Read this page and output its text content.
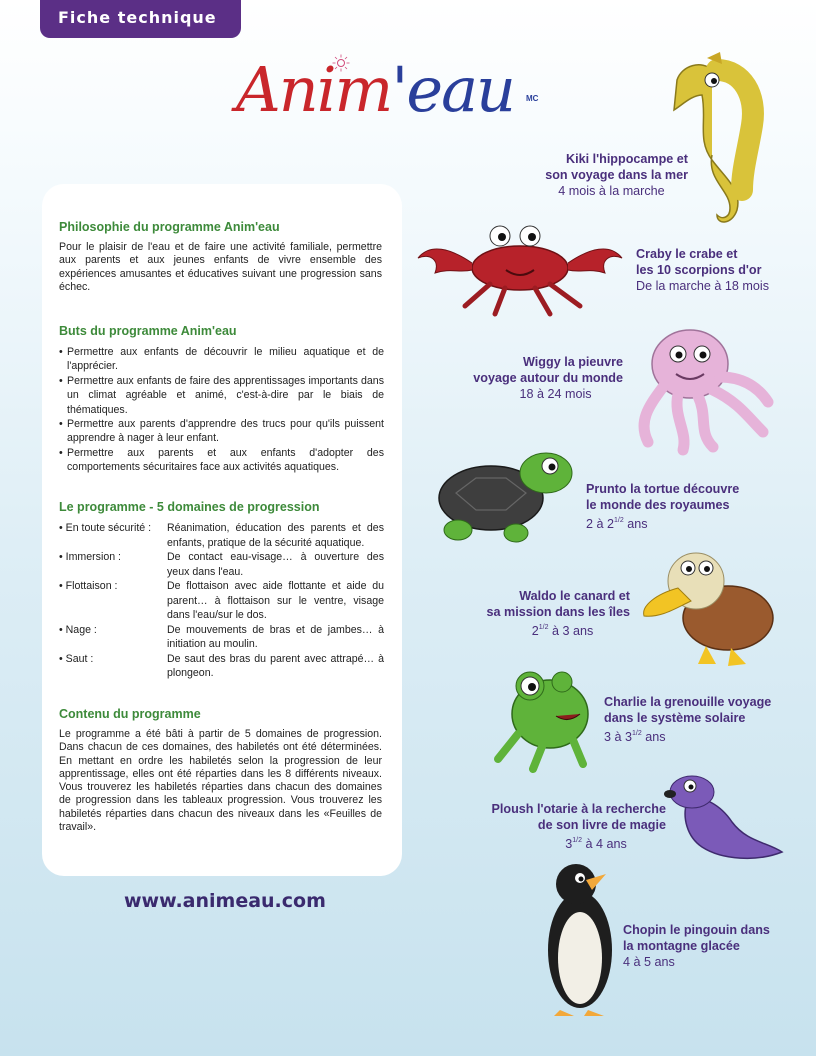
Fiche technique
Anim'eau MC
Philosophie du programme Anim'eau
Pour le plaisir de l'eau et de faire une activité familiale, permettre aux parents et aux jeunes enfants de vivre ensemble des expériences amusantes et éducatives suivant une progression sans échec.
Buts du programme Anim'eau
• Permettre aux enfants de découvrir le milieu aquatique et de l'apprécier.
• Permettre aux enfants de faire des apprentissages importants dans un climat agréable et animé, c'est-à-dire par le biais de thématiques.
• Permettre aux parents d'apprendre des trucs pour qu'ils puissent apprendre à nager à leur enfant.
• Permettre aux parents et aux enfants d'adopter des comportements sécuritaires face aux activités aquatiques.
Le programme - 5 domaines de progression
• En toute sécurité :	Réanimation, éducation des parents et des enfants, pratique de la sécurité aquatique.
• Immersion :	De contact eau-visage… à ouverture des yeux dans l'eau.
• Flottaison :	De flottaison avec aide flottante et aide du parent… à flottaison sur le ventre, visage dans l'eau/sur le dos.
• Nage :	De mouvements de bras et de jambes… à initiation au moulin.
• Saut :	De saut des bras du parent avec attrapé… à plongeon.
Contenu du programme
Le programme a été bâti à partir de 5 domaines de progression. Dans chacun de ces domaines, des habiletés ont été déterminées. En mettant en ordre les habiletés selon la progression de leur apprentissage, elles ont été réparties dans les 8 différents niveaux. Vous trouverez les habiletés réparties dans chacun des domaines de progression dans les tableaux progression. Vous trouverez les habiletés réparties dans chacun des niveaux dans les «Feuilles de travail».
www.animeau.com
Kiki l'hippocampe et
son voyage dans la mer
4 mois à la marche
Craby le crabe et
les 10 scorpions d'or
De la marche à 18 mois
Wiggy la pieuvre
voyage autour du monde
18 à 24 mois
Prunto la tortue découvre
le monde des royaumes
2 à $2^{1/2}$ ans
Waldo le canard et
sa mission dans les îles
$2^{1/2}$ à 3 ans
Charlie la grenouille voyage
dans le système solaire
3 à $3^{1/2}$ ans
Ploush l'otarie à la recherche
de son livre de magie
$3^{1/2}$ à 4 ans
Chopin le pingouin dans
la montagne glacée
4 à 5 ans
